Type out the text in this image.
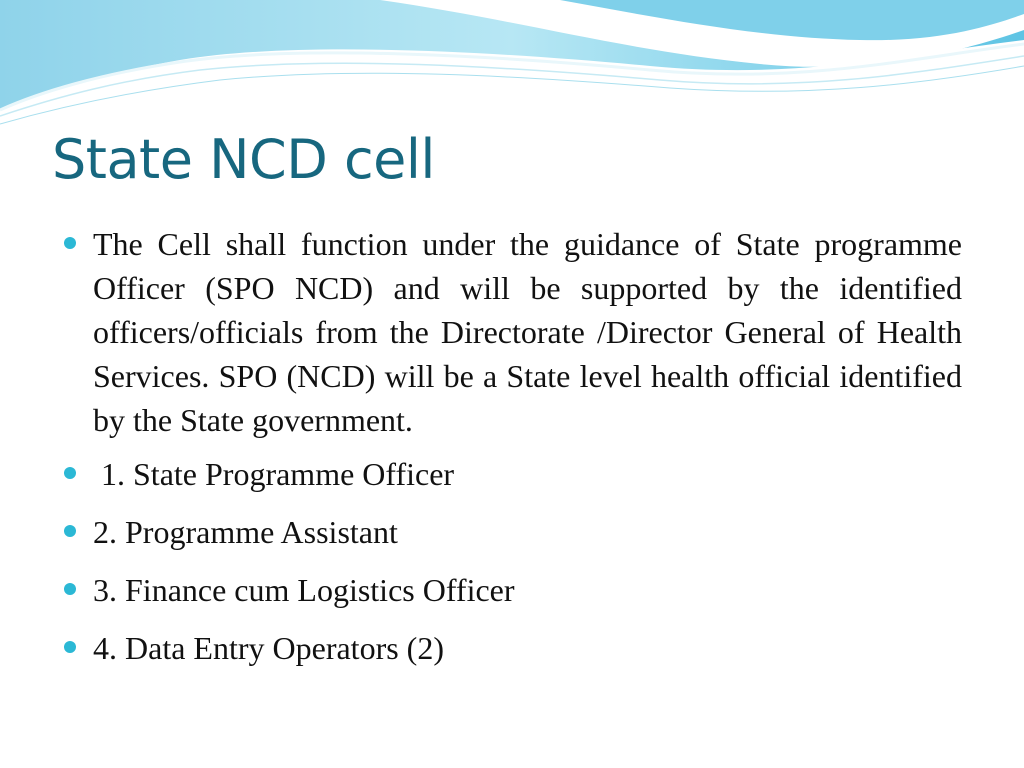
State NCD cell
The Cell shall function under the guidance of State programme Officer (SPO NCD) and will be supported by the identified officers/officials from the Directorate /Director General of Health Services. SPO (NCD) will be a State level health official identified by the State government.
1. State Programme Officer
2. Programme Assistant
3. Finance cum Logistics Officer
4. Data Entry Operators (2)
